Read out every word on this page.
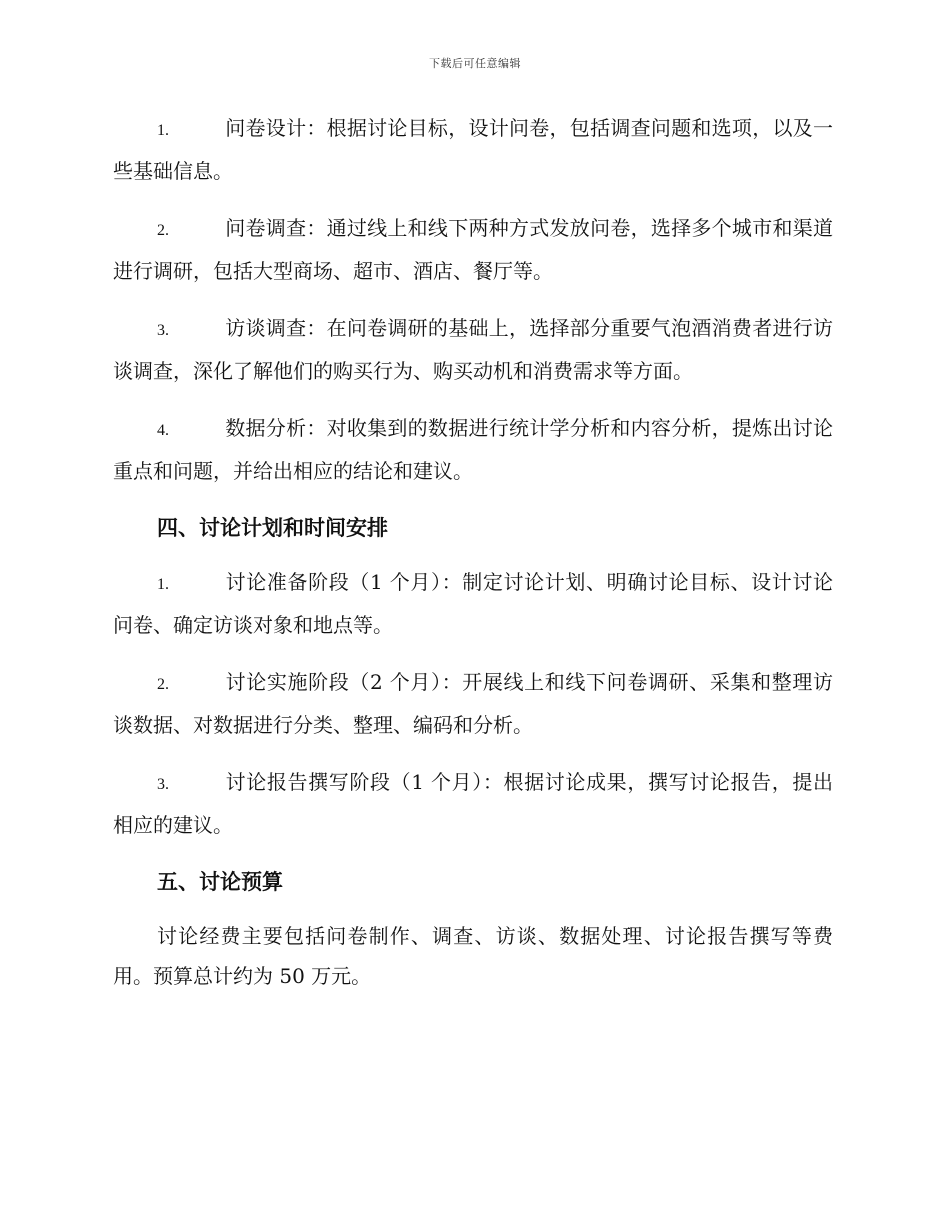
下载后可任意编辑
1.	问卷设计：根据讨论目标，设计问卷，包括调查问题和选项，以及一些基础信息。
2.	问卷调查：通过线上和线下两种方式发放问卷，选择多个城市和渠道进行调研，包括大型商场、超市、酒店、餐厅等。
3.	访谈调查：在问卷调研的基础上，选择部分重要气泡酒消费者进行访谈调查，深化了解他们的购买行为、购买动机和消费需求等方面。
4.	数据分析：对收集到的数据进行统计学分析和内容分析，提炼出讨论重点和问题，并给出相应的结论和建议。
四、讨论计划和时间安排
1.	讨论准备阶段（1 个月）：制定讨论计划、明确讨论目标、设计讨论问卷、确定访谈对象和地点等。
2.	讨论实施阶段（2 个月）：开展线上和线下问卷调研、采集和整理访谈数据、对数据进行分类、整理、编码和分析。
3.	讨论报告撰写阶段（1 个月）：根据讨论成果，撰写讨论报告，提出相应的建议。
五、讨论预算
讨论经费主要包括问卷制作、调查、访谈、数据处理、讨论报告撰写等费用。预算总计约为 50 万元。
